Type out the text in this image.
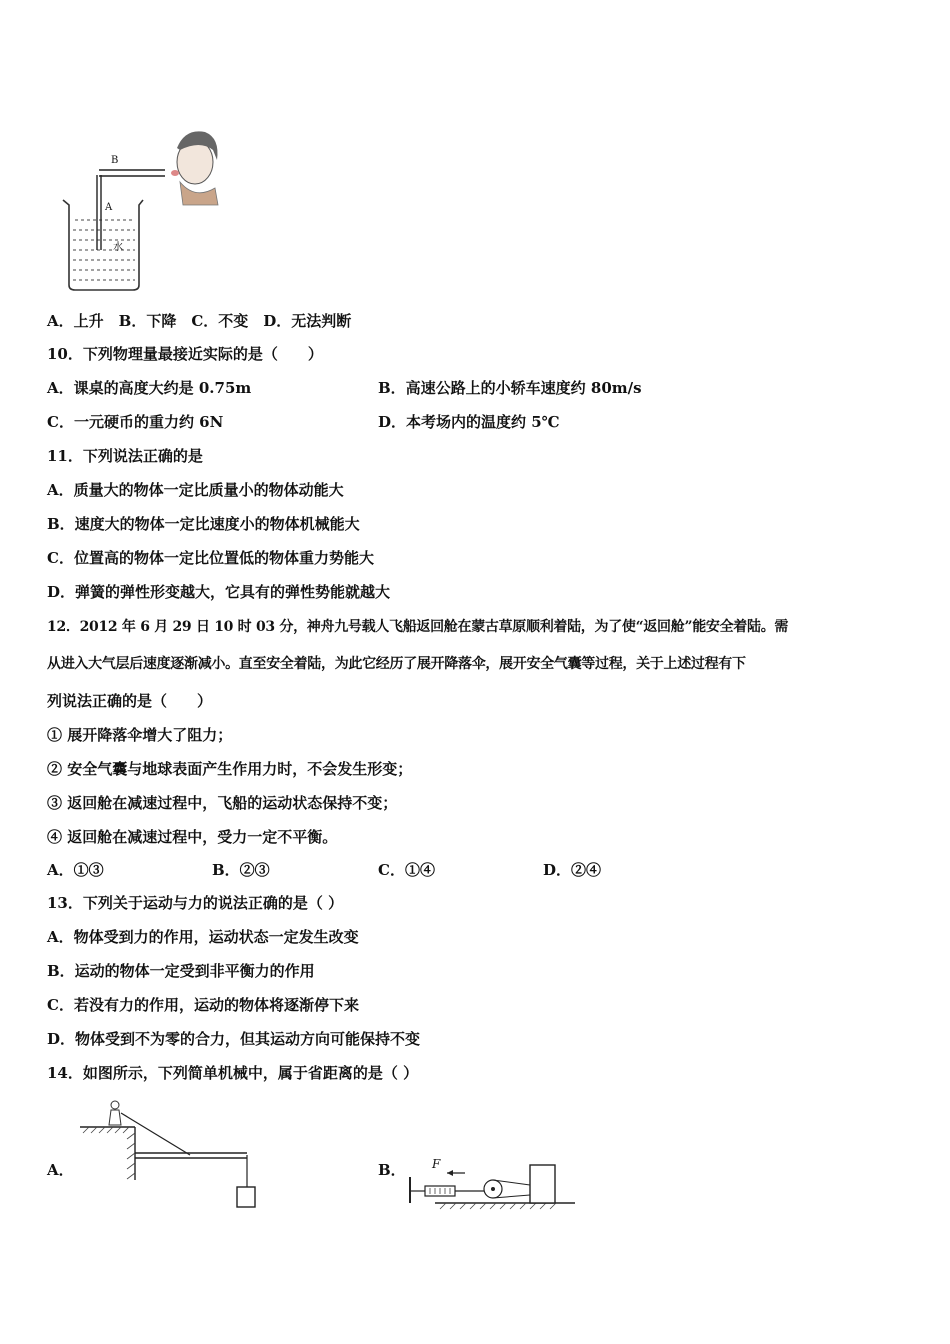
B
A
水
A．上升　B．下降　C．不变　D．无法判断
10．下列物理量最接近实际的是（　　）
A．课桌的高度大约是 0.75m	B．高速公路上的小轿车速度约 80m/s
C．一元硬币的重力约 6N	D．本考场内的温度约 5℃
11．下列说法正确的是
A．质量大的物体一定比质量小的物体动能大
B．速度大的物体一定比速度小的物体机械能大
C．位置高的物体一定比位置低的物体重力势能大
D．弹簧的弹性形变越大，它具有的弹性势能就越大
12．2012 年 6 月 29 日 10 时 03 分，神舟九号载人飞船返回舱在蒙古草原顺利着陆，为了使“返回舱”能安全着陆。需
从进入大气层后速度逐渐减小。直至安全着陆，为此它经历了展开降落伞，展开安全气囊等过程，关于上述过程有下
列说法正确的是（　　）
① 展开降落伞增大了阻力；
② 安全气囊与地球表面产生作用力时，不会发生形变；
③ 返回舱在减速过程中，飞船的运动状态保持不变；
④ 返回舱在减速过程中，受力一定不平衡。
A．①③	B．②③	C．①④	D．②④
13．下列关于运动与力的说法正确的是（ ）
A．物体受到力的作用，运动状态一定发生改变
B．运动的物体一定受到非平衡力的作用
C．若没有力的作用，运动的物体将逐渐停下来
D．物体受到不为零的合力，但其运动方向可能保持不变
14．如图所示，下列简单机械中，属于省距离的是（ ）
A．	B． F
